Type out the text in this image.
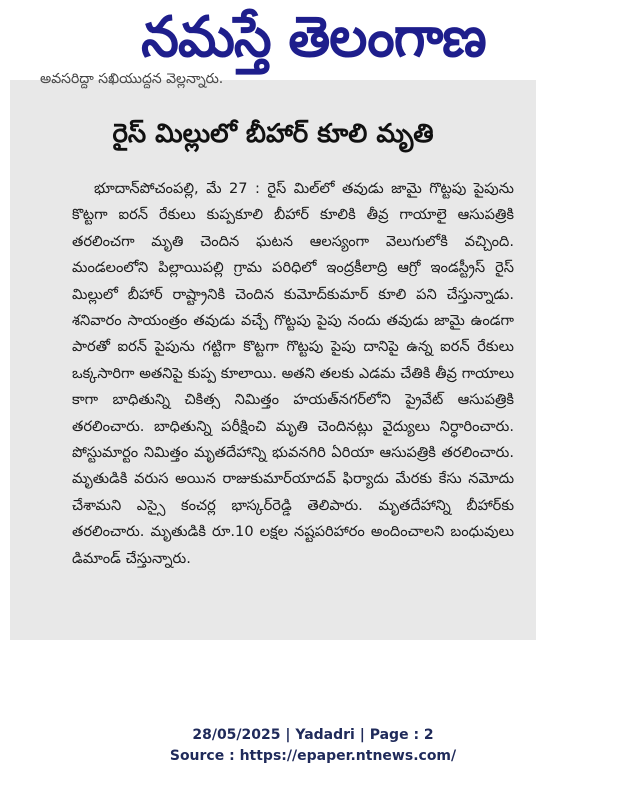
నమస్తే తెలంగాణ
అవసరిద్దా సఖియుద్దన వెల్లన్నారు.
రైస్ మిల్లులో బీహార్ కూలి మృతి
భూదాన్‌పోచంపల్లి, మే 27 : రైస్ మిల్‌లో తవుడు జామై గొట్టపు పైపును కొట్టగా ఐరన్ రేకులు కుప్పకూలి బీహార్ కూలికి తీవ్ర గాయాలై ఆసుపత్రికి తరలించగా మృతి చెందిన ఘటన ఆలస్యంగా వెలుగులోకి వచ్చింది. మండలంలోని పిల్లాయిపల్లి గ్రామ పరిధిలో ఇంద్రకీలాద్రి ఆగ్రో ఇండస్ట్రీస్ రైస్ మిల్లులో బీహార్ రాష్ట్రానికి చెందిన కుమోద్‌కుమార్ కూలి పని చేస్తున్నాడు. శనివారం సాయంత్రం తవుడు వచ్చే గొట్టపు పైపు నందు తవుడు జామై ఉండగా పారతో ఐరన్ పైపును గట్టిగా కొట్టగా గొట్టపు పైపు దానిపై ఉన్న ఐరన్ రేకులు ఒక్కసారిగా అతనిపై కుప్ప కూలాయి. అతని తలకు ఎడమ చేతికి తీవ్ర గాయాలు కాగా బాధితున్ని చికిత్స నిమిత్తం హయత్‌నగర్‌లోని ప్రైవేట్ ఆసుపత్రికి తరలించారు. బాధితున్ని పరీక్షించి మృతి చెందినట్లు వైద్యులు నిర్ధారించారు. పోస్టుమార్టం నిమిత్తం మృతదేహాన్ని భువనగిరి ఏరియా ఆసుపత్రికి తరలించారు. మృతుడికి వరుస అయిన రాజుకుమార్‌యాదవ్ ఫిర్యాదు మేరకు కేసు నమోదు చేశామని ఎస్సై కంచర్ల భాస్కర్‌రెడ్డి తెలిపారు. మృతదేహాన్ని బీహార్‌కు తరలించారు. మృతుడికి రూ.10 లక్షల నష్టపరిహారం అందించాలని బంధువులు డిమాండ్ చేస్తున్నారు.
28/05/2025 | Yadadri | Page : 2
Source : https://epaper.ntnews.com/
